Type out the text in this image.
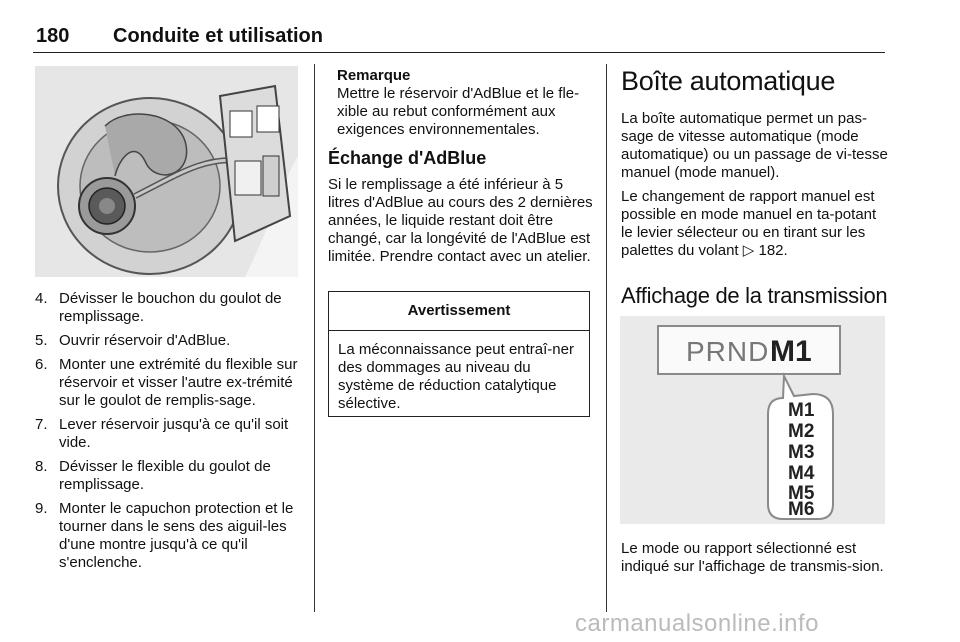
180 Conduite et utilisation
4. Dévisser le bouchon du goulot de remplissage.
5. Ouvrir réservoir d'AdBlue.
6. Monter une extrémité du flexible sur réservoir et visser l'autre ex-trémité sur le goulot de remplis-sage.
7. Lever réservoir jusqu'à ce qu'il soit vide.
8. Dévisser le flexible du goulot de remplissage.
9. Monter le capuchon protection et le tourner dans le sens des aiguil-les d'une montre jusqu'à ce qu'il s'enclenche.
Remarque
Mettre le réservoir d'AdBlue et le fle-xible au rebut conformément aux exigences environnementales.
Échange d'AdBlue

Si le remplissage a été inférieur à 5 litres d'AdBlue au cours des 2 dernières années, le liquide restant doit être changé, car la longévité de l'AdBlue est limitée. Prendre contact avec un atelier.

Avertissement
La méconnaissance peut entraî-ner des dommages au niveau du système de réduction catalytique sélective.
Boîte automatique

La boîte automatique permet un pas-sage de vitesse automatique (mode automatique) ou un passage de vi-tesse manuel (mode manuel).

Le changement de rapport manuel est possible en mode manuel en ta-potant le levier sélecteur ou en tirant sur les palettes du volant ▷ 182.

Affichage de la transmission
PRND M1
M1
M2
M3
M4
M5
M6

Le mode ou rapport sélectionné est indiqué sur l'affichage de transmis-sion.

carmanualsonline.info
